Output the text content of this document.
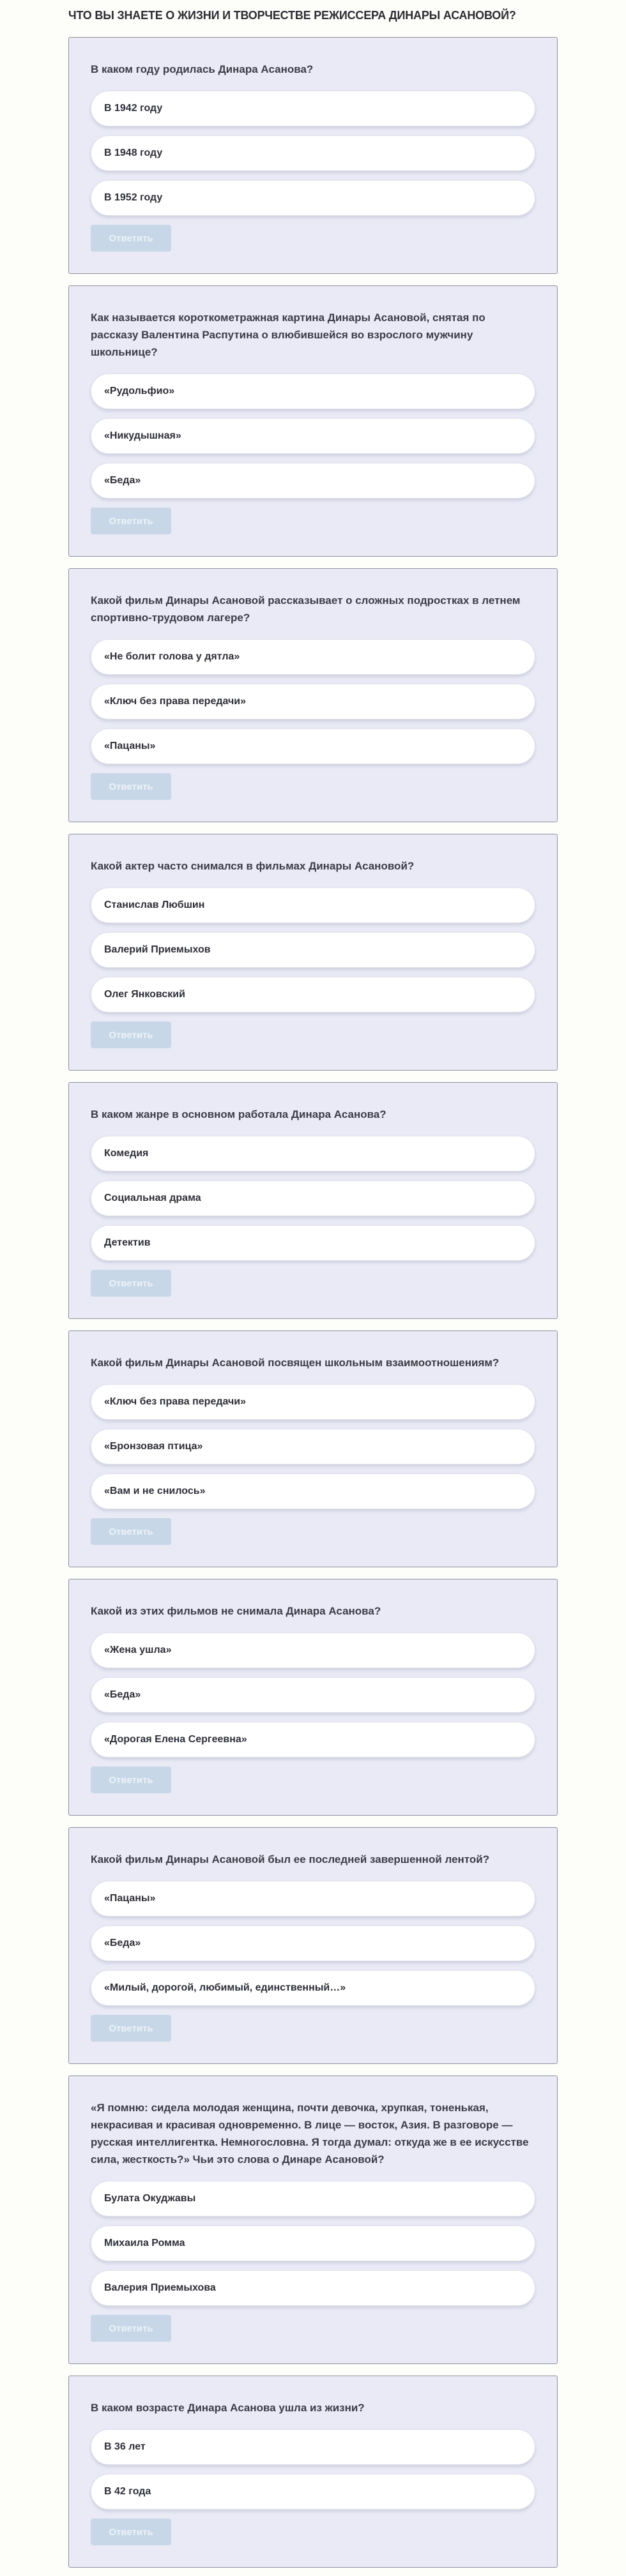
ЧТО ВЫ ЗНАЕТЕ О ЖИЗНИ И ТВОРЧЕСТВЕ РЕЖИССЕРА ДИНАРЫ АСАНОВОЙ?

В каком году родилась Динара Асанова?

В 1942 году
В 1948 году
В 1952 году
Ответить

Как называется короткометражная картина Динары Асановой, снятая по рассказу Валентина Распутина о влюбившейся во взрослого мужчину школьнице?

«Рудольфио»
«Никудышная»
«Беда»
Ответить

Какой фильм Динары Асановой рассказывает о сложных подростках в летнем спортивно-трудовом лагере?

«Не болит голова у дятла»
«Ключ без права передачи»
«Пацаны»
Ответить

Какой актер часто снимался в фильмах Динары Асановой?

Станислав Любшин
Валерий Приемыхов
Олег Янковский
Ответить

В каком жанре в основном работала Динара Асанова?

Комедия
Социальная драма
Детектив
Ответить

Какой фильм Динары Асановой посвящен школьным взаимоотношениям?

«Ключ без права передачи»
«Бронзовая птица»
«Вам и не снилось»
Ответить

Какой из этих фильмов не снимала Динара Асанова?

«Жена ушла»
«Беда»
«Дорогая Елена Сергеевна»
Ответить

Какой фильм Динары Асановой был ее последней завершенной лентой?

«Пацаны»
«Беда»
«Милый, дорогой, любимый, единственный…»
Ответить

«Я помню: сидела молодая женщина, почти девочка, хрупкая, тоненькая, некрасивая и красивая одновременно. В лице — восток, Азия. В разговоре — русская интеллигентка. Немногословна. Я тогда думал: откуда же в ее искусстве сила, жесткость?» Чьи это слова о Динаре Асановой?

Булата Окуджавы
Михаила Ромма
Валерия Приемыхова
Ответить

В каком возрасте Динара Асанова ушла из жизни?

В 36 лет
В 42 года
Ответить
